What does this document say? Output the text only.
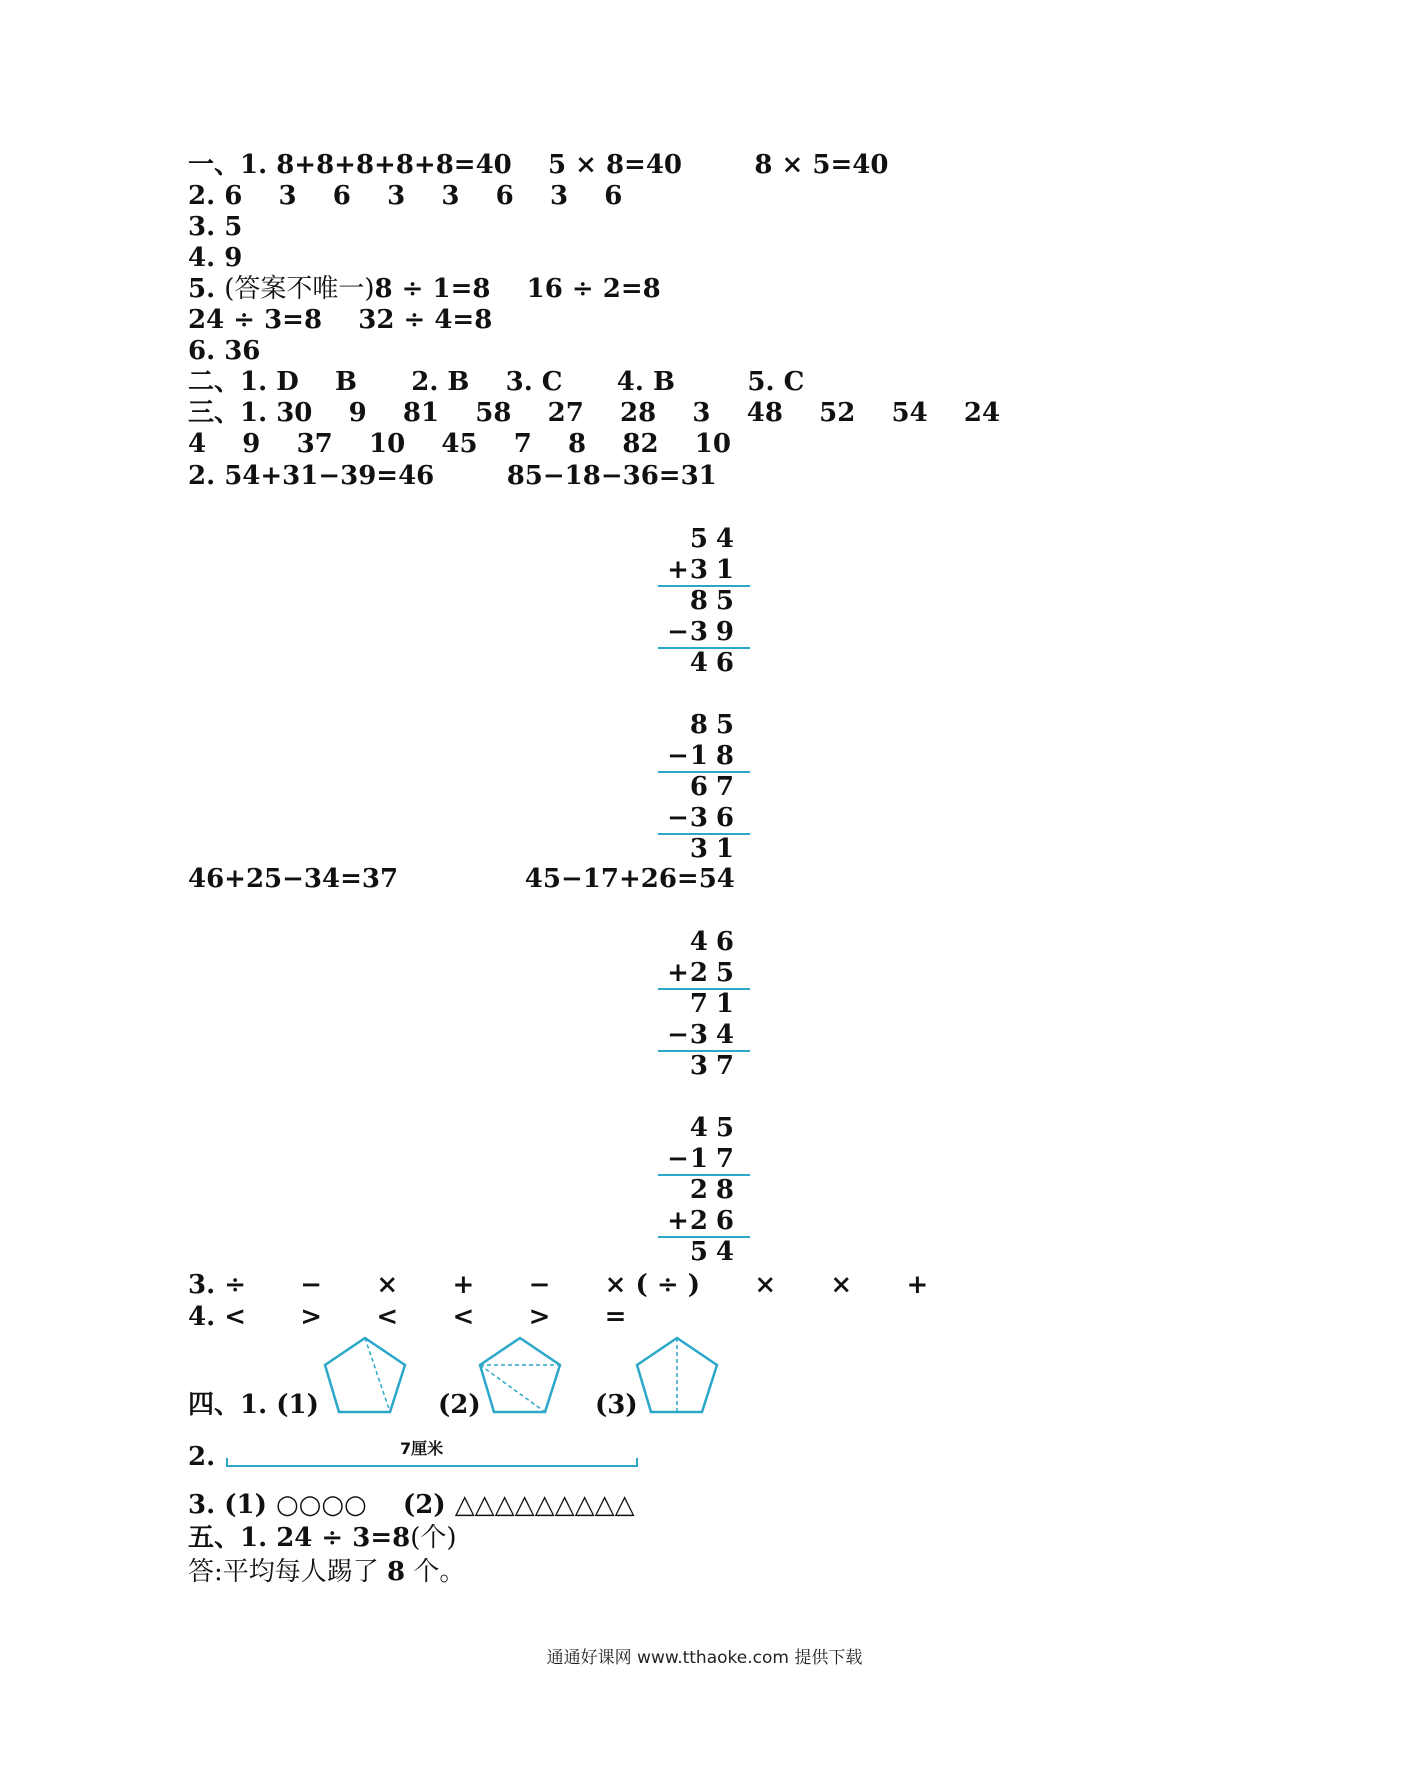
一、1. 8+8+8+8+8=40    5 × 8=40        8 × 5=40
2. 6    3    6    3    3    6    3    6
3. 5
4. 9
5. (答案不唯一)8 ÷ 1=8    16 ÷ 2=8
24 ÷ 3=8    32 ÷ 4=8
6. 36
二、1. D    B      2. B    3. C      4. B        5. C
三、1. 30    9    81    58    27    28    3    48    52    54    24
4    9    37    10    45    7    8    82    10
2. 54+31−39=46        85−18−36=31
54
+ 31
85
− 39
46
85
− 18
67
− 36
31
46+25−34=37              45−17+26=54
46
+ 25
71
− 34
37
45
− 17
28
+ 26
54
3. ÷      −      ×      +      −      × ( ÷ )      ×      ×      +
4. <      >      <      <      >      =
四、1. (1)	(2)	(3)
2.	7厘米
3. (1) ○○○○ (2) △△△△△△△△△
五、1. 24 ÷ 3=8(个)
答:平均每人踢了 8 个。
通通好课网 www.tthaoke.com 提供下载
